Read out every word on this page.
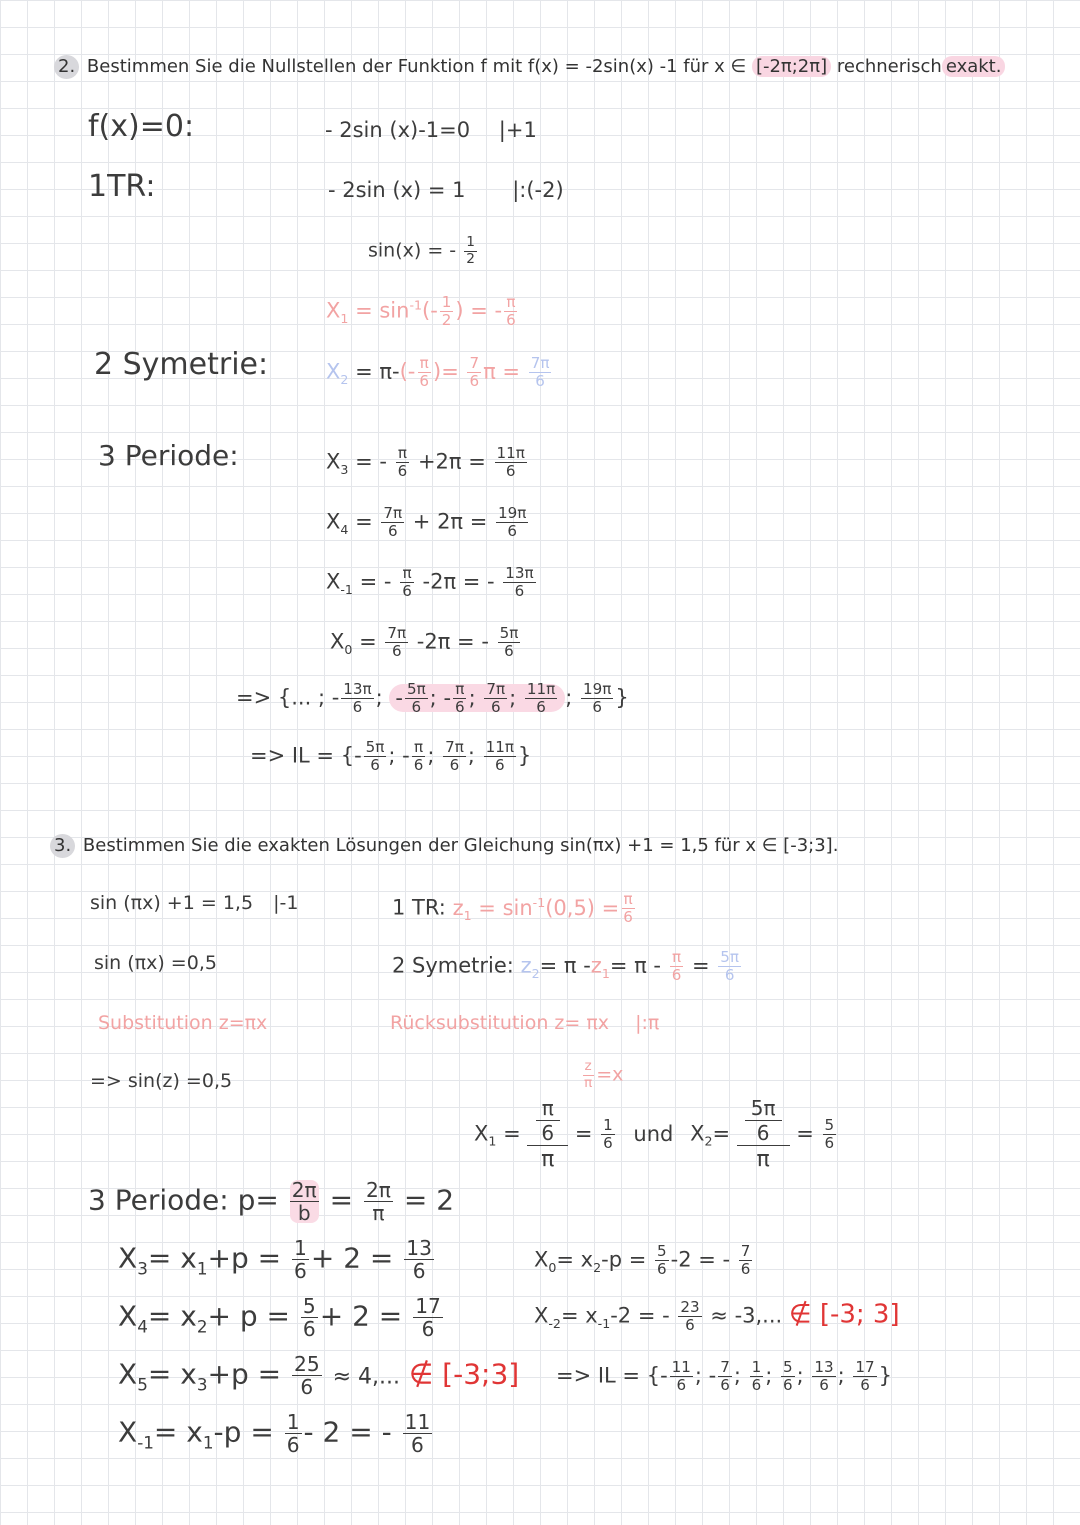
2. Bestimmen Sie die Nullstellen der Funktion f mit f(x) = -2sin(x) -1 für x ∈ [-2π;2π] rechnerisch exakt.
f(x)=0:
1TR:
2 Symetrie:
3 Periode:
- 2sin (x)-1=0 |+1
- 2sin (x) = 1 |:(-2)
sin(x) = - $\frac{1}{2}$
$X_1 = \sin^{-1}(- \frac{1}{2}$ ) = - $\frac{\pi}{6}$
$X_2 = \pi-(- \frac{\pi}{6}$ )= $\frac{7}{6}$ $\pi = \frac{7\pi}{6}$
$X_3$ = - $\frac{\pi}{6} +2\pi = \frac{11\pi}{6}$
$X_4 = \frac{7\pi}{6} + 2\pi = \frac{19\pi}{6}$
$X_{-1}$ = - $\frac{\pi}{6} -2\pi$ = - $\frac{13\pi}{6}$
$X_0 = \frac{7\pi}{6} -2\pi$ = - $\frac{5\pi}{6}$
=> {... ; - $\frac{13\pi}{6}$ ; - $\frac{5\pi}{6}$ ; - $\frac{\pi}{6}$ ; $\frac{7\pi}{6}$ ; $\frac{11\pi}{6}$ ; $\frac{19\pi}{6}$ }
=> IL = {- $\frac{5\pi}{6}$ ; - $\frac{\pi}{6}$ ; $\frac{7\pi}{6}$ ; $\frac{11\pi}{6}$ }
3. Bestimmen Sie die exakten Lösungen der Gleichung sin(πx) +1 = 1,5 für x ∈ [-3;3].
sin (πx) +1 = 1,5 |-1
sin (πx) =0,5
Substitution z=πx
=> sin(z) =0,5
1 TR: $z_1 = \sin^{-1}(0,5) = \frac{\pi}{6}$
2 Symetrie: $z_2= \pi$ $-z_1= \pi - \frac{\pi}{6} = \frac{5\pi}{6}$
Rücksubstitution z= πx |:π
$\frac{z}{\pi} =x$
$X_1 = \frac{\frac{\pi}{6}}{\pi} = \frac{1}{6}$ und $X_2= \frac{\frac{5\pi}{6}}{\pi} = \frac{5}{6}$
3 Periode: $p= \frac{2\pi}{b} = \frac{2\pi}{\pi} = 2$
$X_3= x_1+p = \frac{1}{6} + 2 = \frac{13}{6}$
$X_4= x_2+ p = \frac{5}{6} + 2 = \frac{17}{6}$
$X_5= x_3+p = \frac{25}{6} \approx 4$,... ∉ [-3;3]
$X_{-1}= x_1-p = \frac{1}{6} - 2$ = - $\frac{11}{6}$
$X_0= x_2-p = \frac{5}{6} -2$ = - $\frac{7}{6}$
$X_{-2}= x_{-1}-2$ = - $\frac{23}{6} \approx -3$,... ∉ [-3; 3]
=> IL = {- $\frac{11}{6}$ ; - $\frac{7}{6}$ ; $\frac{1}{6}$ ; $\frac{5}{6}$ ; $\frac{13}{6}$ ; $\frac{17}{6}$ }
